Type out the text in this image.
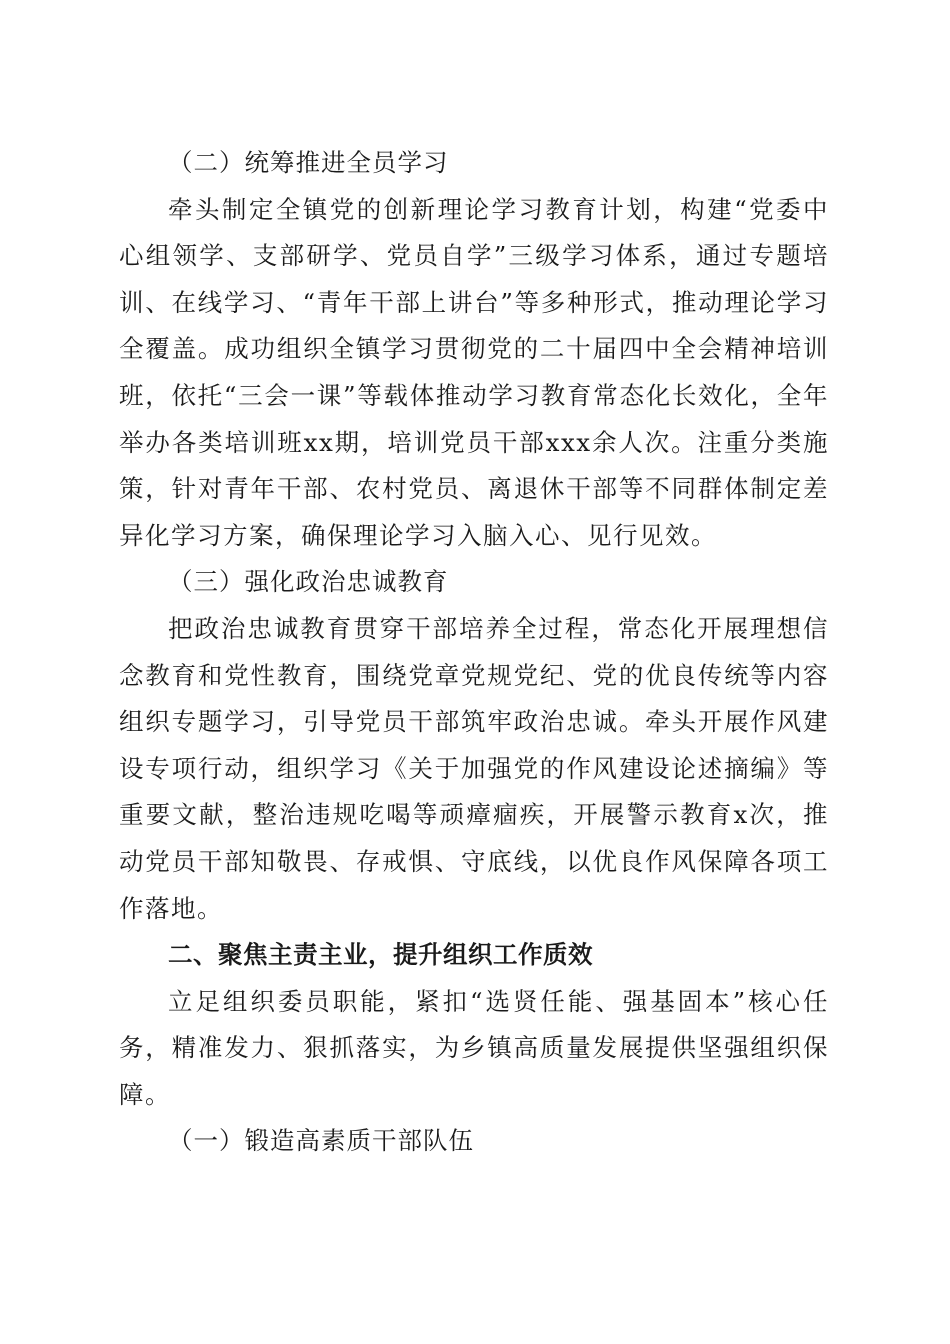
（二）统筹推进全员学习

牵头制定全镇党的创新理论学习教育计划，构建“党委中心组领学、支部研学、党员自学”三级学习体系，通过专题培训、在线学习、“青年干部上讲台”等多种形式，推动理论学习全覆盖。成功组织全镇学习贯彻党的二十届四中全会精神培训班，依托“三会一课”等载体推动学习教育常态化长效化，全年举办各类培训班xx期，培训党员干部xxx余人次。注重分类施策，针对青年干部、农村党员、离退休干部等不同群体制定差异化学习方案，确保理论学习入脑入心、见行见效。

（三）强化政治忠诚教育

把政治忠诚教育贯穿干部培养全过程，常态化开展理想信念教育和党性教育，围绕党章党规党纪、党的优良传统等内容组织专题学习，引导党员干部筑牢政治忠诚。牵头开展作风建设专项行动，组织学习《关于加强党的作风建设论述摘编》等重要文献，整治违规吃喝等顽瘴痼疾，开展警示教育x次，推动党员干部知敬畏、存戒惧、守底线，以优良作风保障各项工作落地。

二、聚焦主责主业，提升组织工作质效

立足组织委员职能，紧扣“选贤任能、强基固本”核心任务，精准发力、狠抓落实，为乡镇高质量发展提供坚强组织保障。

（一）锻造高素质干部队伍
